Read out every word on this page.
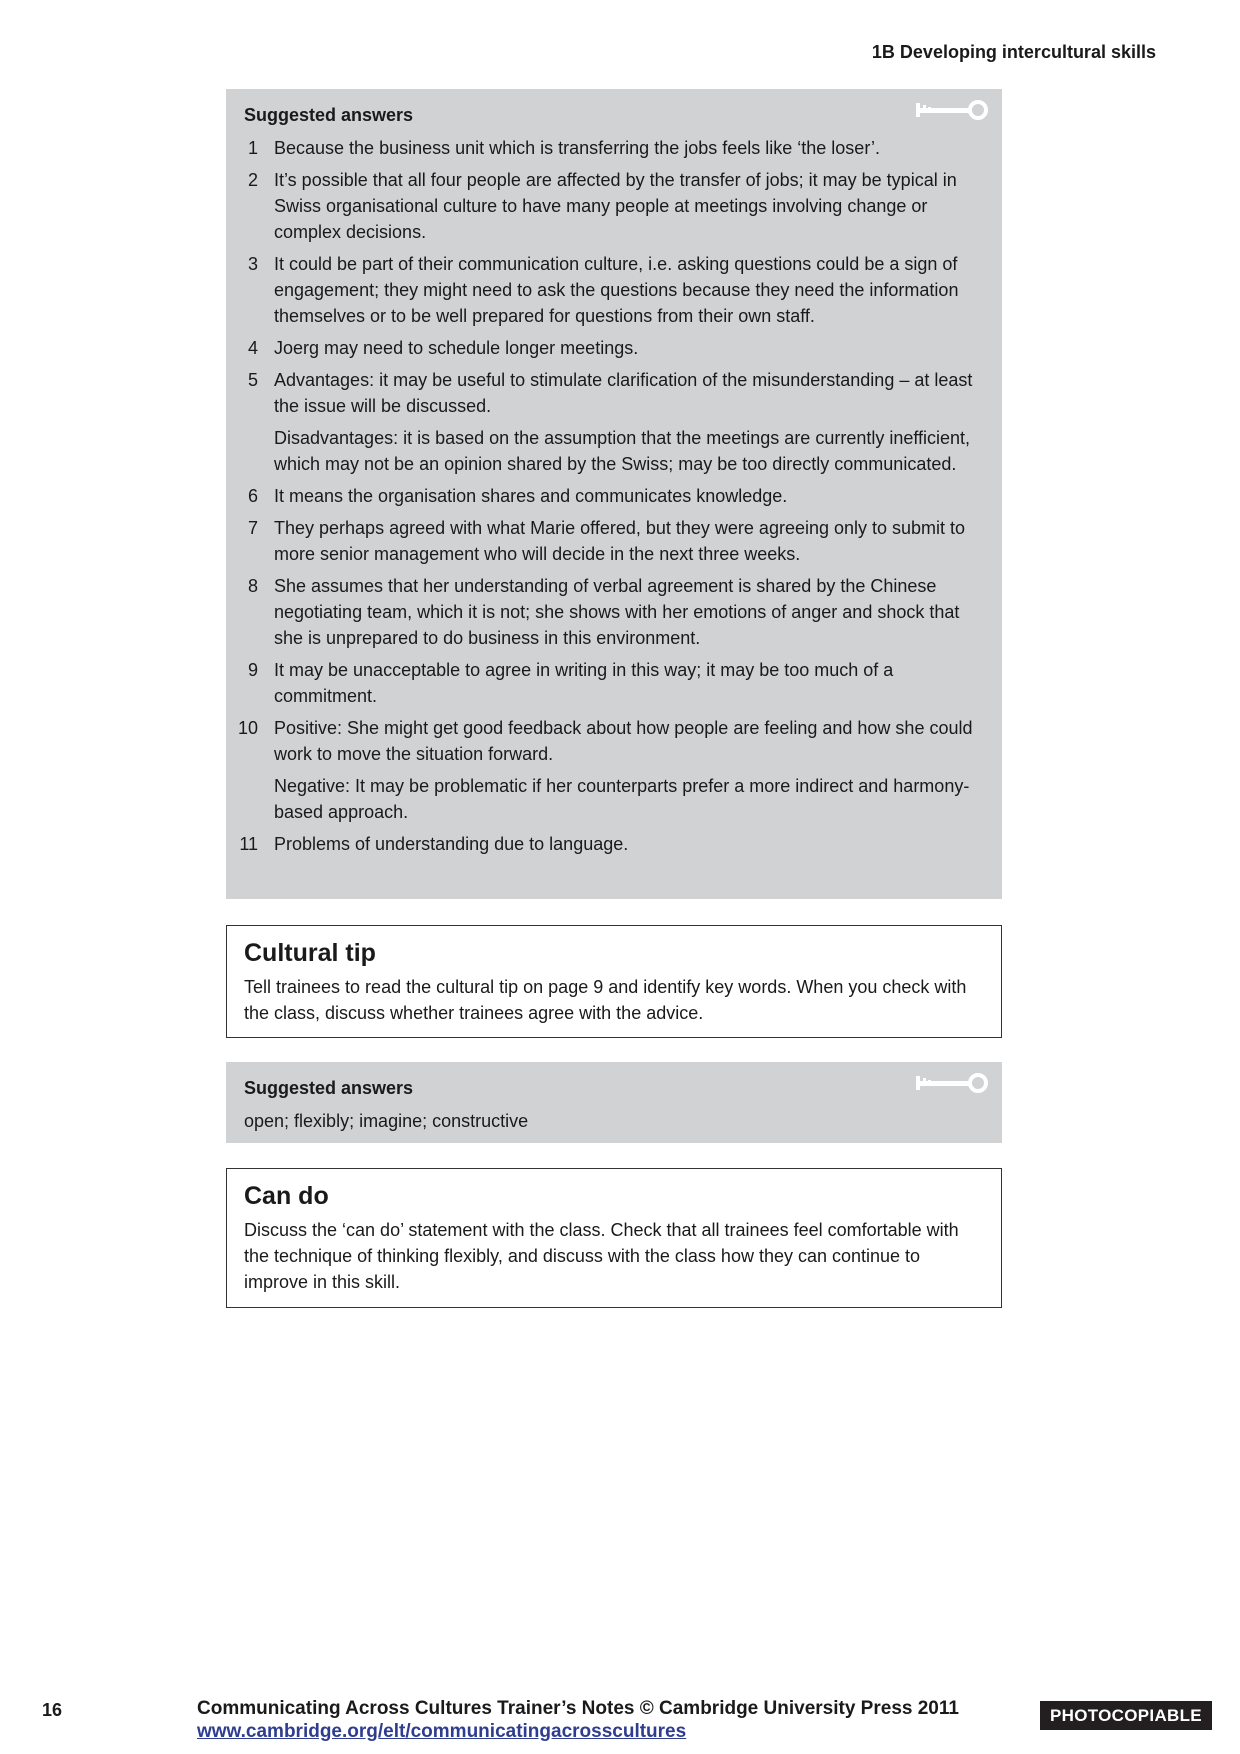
1B Developing intercultural skills
Suggested answers
1 Because the business unit which is transferring the jobs feels like ‘the loser’.

2 It’s possible that all four people are affected by the transfer of jobs; it may be typical in Swiss organisational culture to have many people at meetings involving change or complex decisions.

3 It could be part of their communication culture, i.e. asking questions could be a sign of engagement; they might need to ask the questions because they need the information themselves or to be well prepared for questions from their own staff.

4 Joerg may need to schedule longer meetings.

5 Advantages: it may be useful to stimulate clarification of the misunderstanding – at least the issue will be discussed.

Disadvantages: it is based on the assumption that the meetings are currently inefficient, which may not be an opinion shared by the Swiss; may be too directly communicated.

6 It means the organisation shares and communicates knowledge.

7 They perhaps agreed with what Marie offered, but they were agreeing only to submit to more senior management who will decide in the next three weeks.

8 She assumes that her understanding of verbal agreement is shared by the Chinese negotiating team, which it is not; she shows with her emotions of anger and shock that she is unprepared to do business in this environment.

9 It may be unacceptable to agree in writing in this way; it may be too much of a commitment.

10 Positive: She might get good feedback about how people are feeling and how she could work to move the situation forward.

Negative: It may be problematic if her counterparts prefer a more indirect and harmony-based approach.

11 Problems of understanding due to language.

Cultural tip

Tell trainees to read the cultural tip on page 9 and identify key words. When you check with the class, discuss whether trainees agree with the advice.

Suggested answers
open; flexibly; imagine; constructive
Can do

Discuss the ‘can do’ statement with the class. Check that all trainees feel comfortable with the technique of thinking flexibly, and discuss with the class how they can continue to improve in this skill.

16	Communicating Across Cultures Trainer’s Notes © Cambridge University Press 2011
www.cambridge.org/elt/communicatingacrosscultures
PHOTOCOPIABLE
